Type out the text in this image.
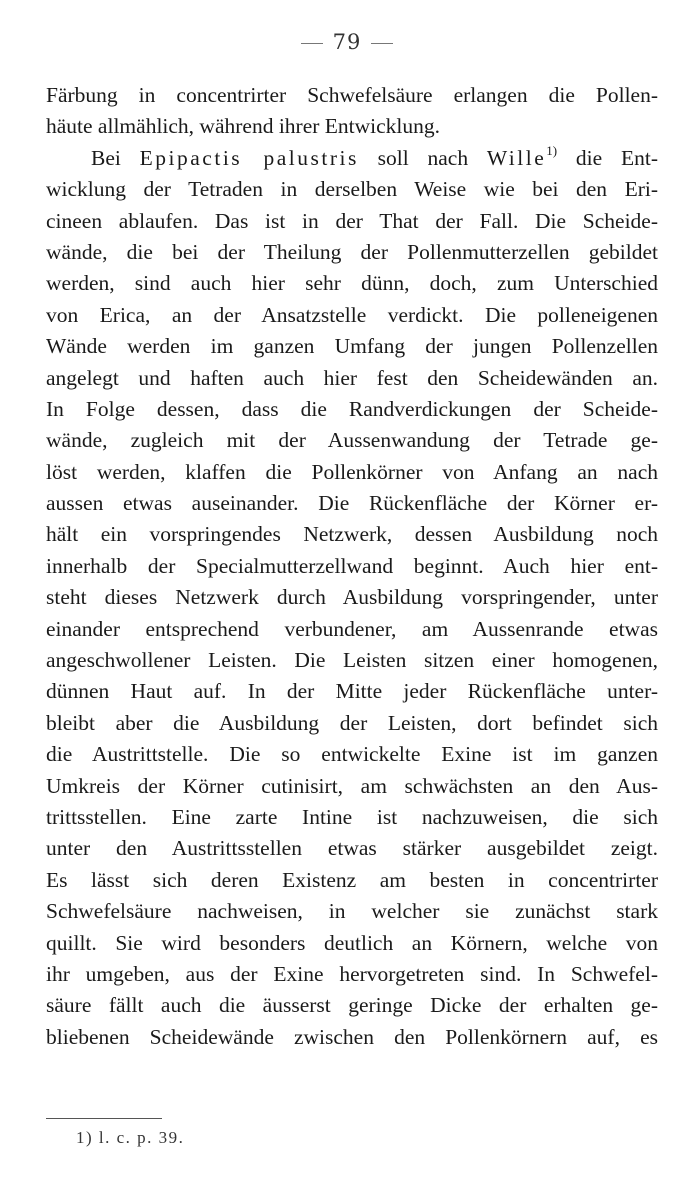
79
Färbung in concentrirter Schwefelsäure erlangen die Pollen-
häute allmählich, während ihrer Entwicklung.
Bei Epipactis palustris soll nach Wille$^{1)}$ die Ent-
wicklung der Tetraden in derselben Weise wie bei den Eri-
cineen ablaufen. Das ist in der That der Fall. Die Scheide-
wände, die bei der Theilung der Pollenmutterzellen gebildet
werden, sind auch hier sehr dünn, doch, zum Unterschied
von Erica, an der Ansatzstelle verdickt. Die polleneigenen
Wände werden im ganzen Umfang der jungen Pollenzellen
angelegt und haften auch hier fest den Scheidewänden an.
In Folge dessen, dass die Randverdickungen der Scheide-
wände, zugleich mit der Aussenwandung der Tetrade ge-
löst werden, klaffen die Pollenkörner von Anfang an nach
aussen etwas auseinander. Die Rückenfläche der Körner er-
hält ein vorspringendes Netzwerk, dessen Ausbildung noch
innerhalb der Specialmutterzellwand beginnt. Auch hier ent-
steht dieses Netzwerk durch Ausbildung vorspringender, unter
einander entsprechend verbundener, am Aussenrande etwas
angeschwollener Leisten. Die Leisten sitzen einer homogenen,
dünnen Haut auf. In der Mitte jeder Rückenfläche unter-
bleibt aber die Ausbildung der Leisten, dort befindet sich
die Austrittstelle. Die so entwickelte Exine ist im ganzen
Umkreis der Körner cutinisirt, am schwächsten an den Aus-
trittsstellen. Eine zarte Intine ist nachzuweisen, die sich
unter den Austrittsstellen etwas stärker ausgebildet zeigt.
Es lässt sich deren Existenz am besten in concentrirter
Schwefelsäure nachweisen, in welcher sie zunächst stark
quillt. Sie wird besonders deutlich an Körnern, welche von
ihr umgeben, aus der Exine hervorgetreten sind. In Schwefel-
säure fällt auch die äusserst geringe Dicke der erhalten ge-
bliebenen Scheidewände zwischen den Pollenkörnern auf, es
1) l. c. p. 39.
